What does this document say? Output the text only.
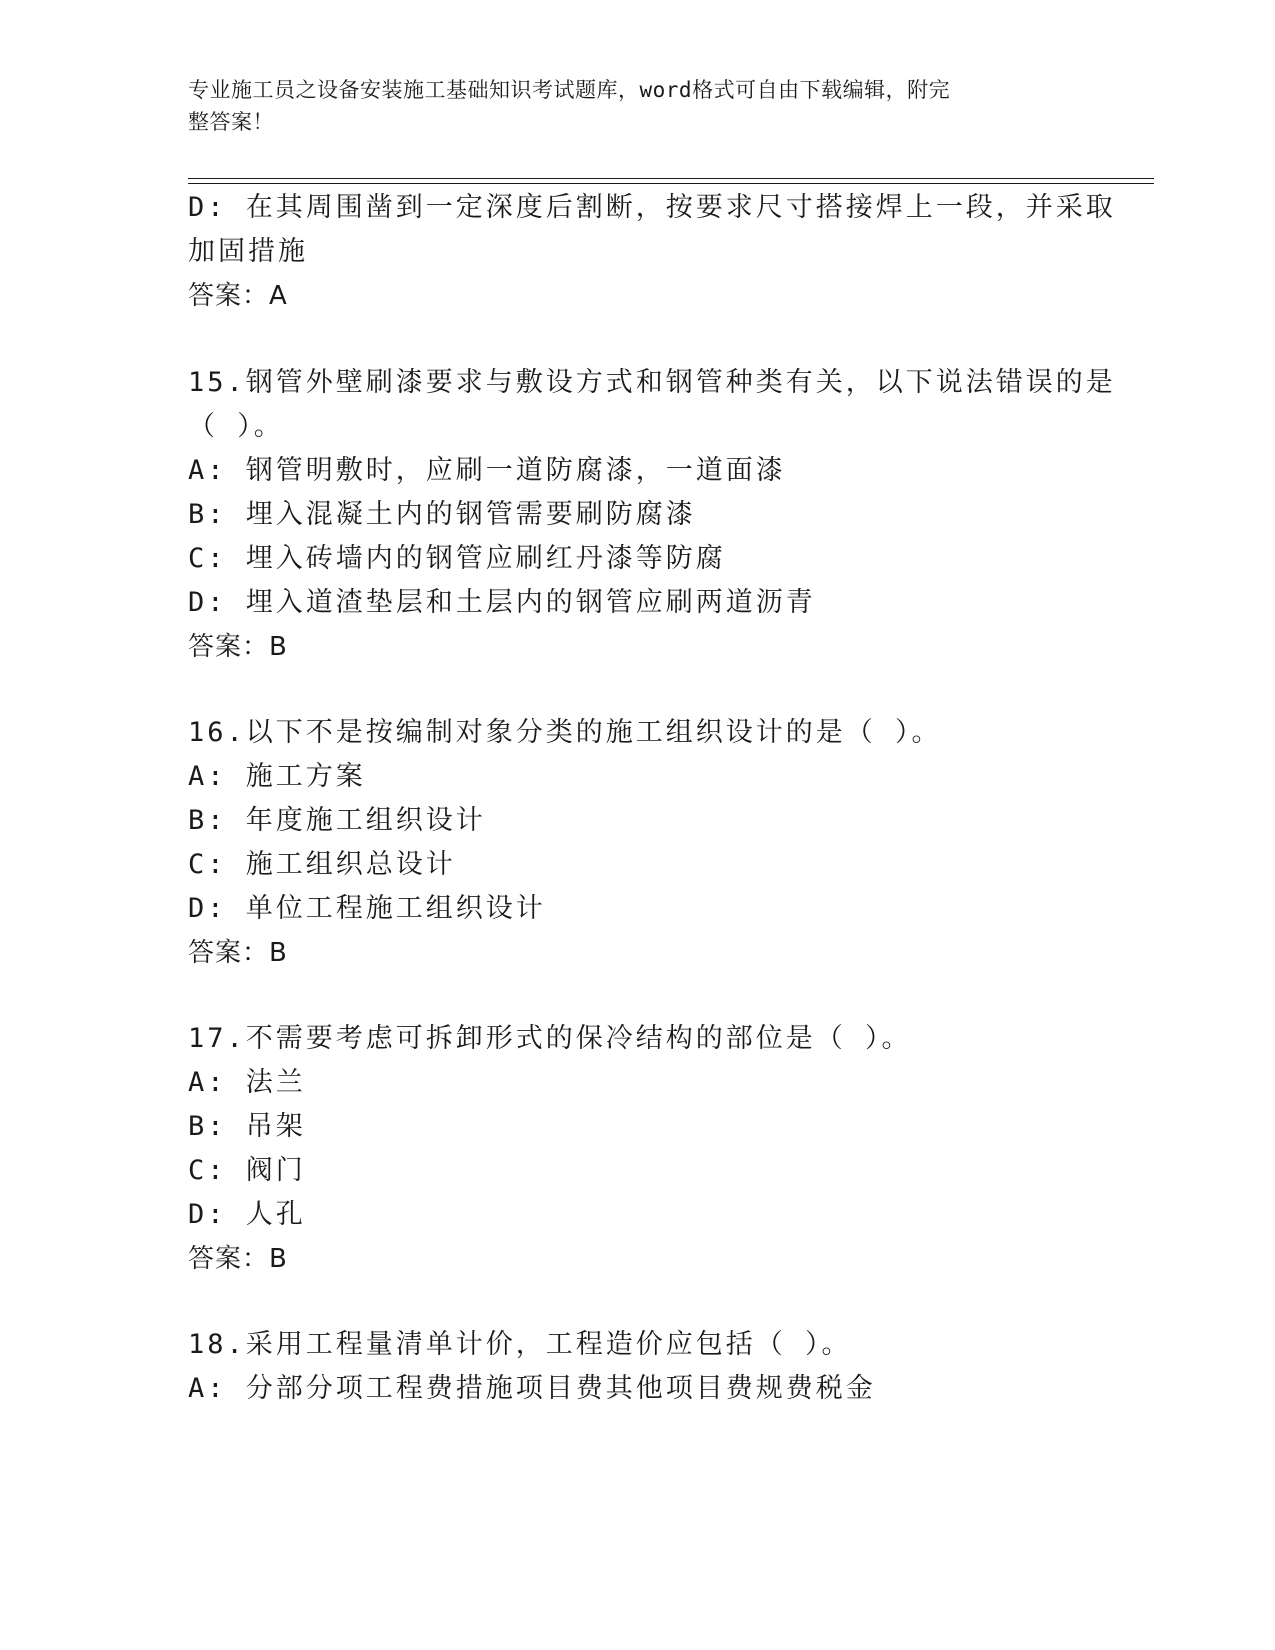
专业施工员之设备安装施工基础知识考试题库，word格式可自由下载编辑，附完
整答案！
D: 在其周围凿到一定深度后割断，按要求尺寸搭接焊上一段，并采取
加固措施
答案：A
15.钢管外壁刷漆要求与敷设方式和钢管种类有关，以下说法错误的是
（ ）。
A: 钢管明敷时，应刷一道防腐漆，一道面漆
B: 埋入混凝土内的钢管需要刷防腐漆
C: 埋入砖墙内的钢管应刷红丹漆等防腐
D: 埋入道渣垫层和土层内的钢管应刷两道沥青
答案：B
16.以下不是按编制对象分类的施工组织设计的是（ ）。
A: 施工方案
B: 年度施工组织设计
C: 施工组织总设计
D: 单位工程施工组织设计
答案：B
17.不需要考虑可拆卸形式的保冷结构的部位是（ ）。
A: 法兰
B: 吊架
C: 阀门
D: 人孔
答案：B
18.采用工程量清单计价，工程造价应包括（ ）。
A: 分部分项工程费措施项目费其他项目费规费税金
